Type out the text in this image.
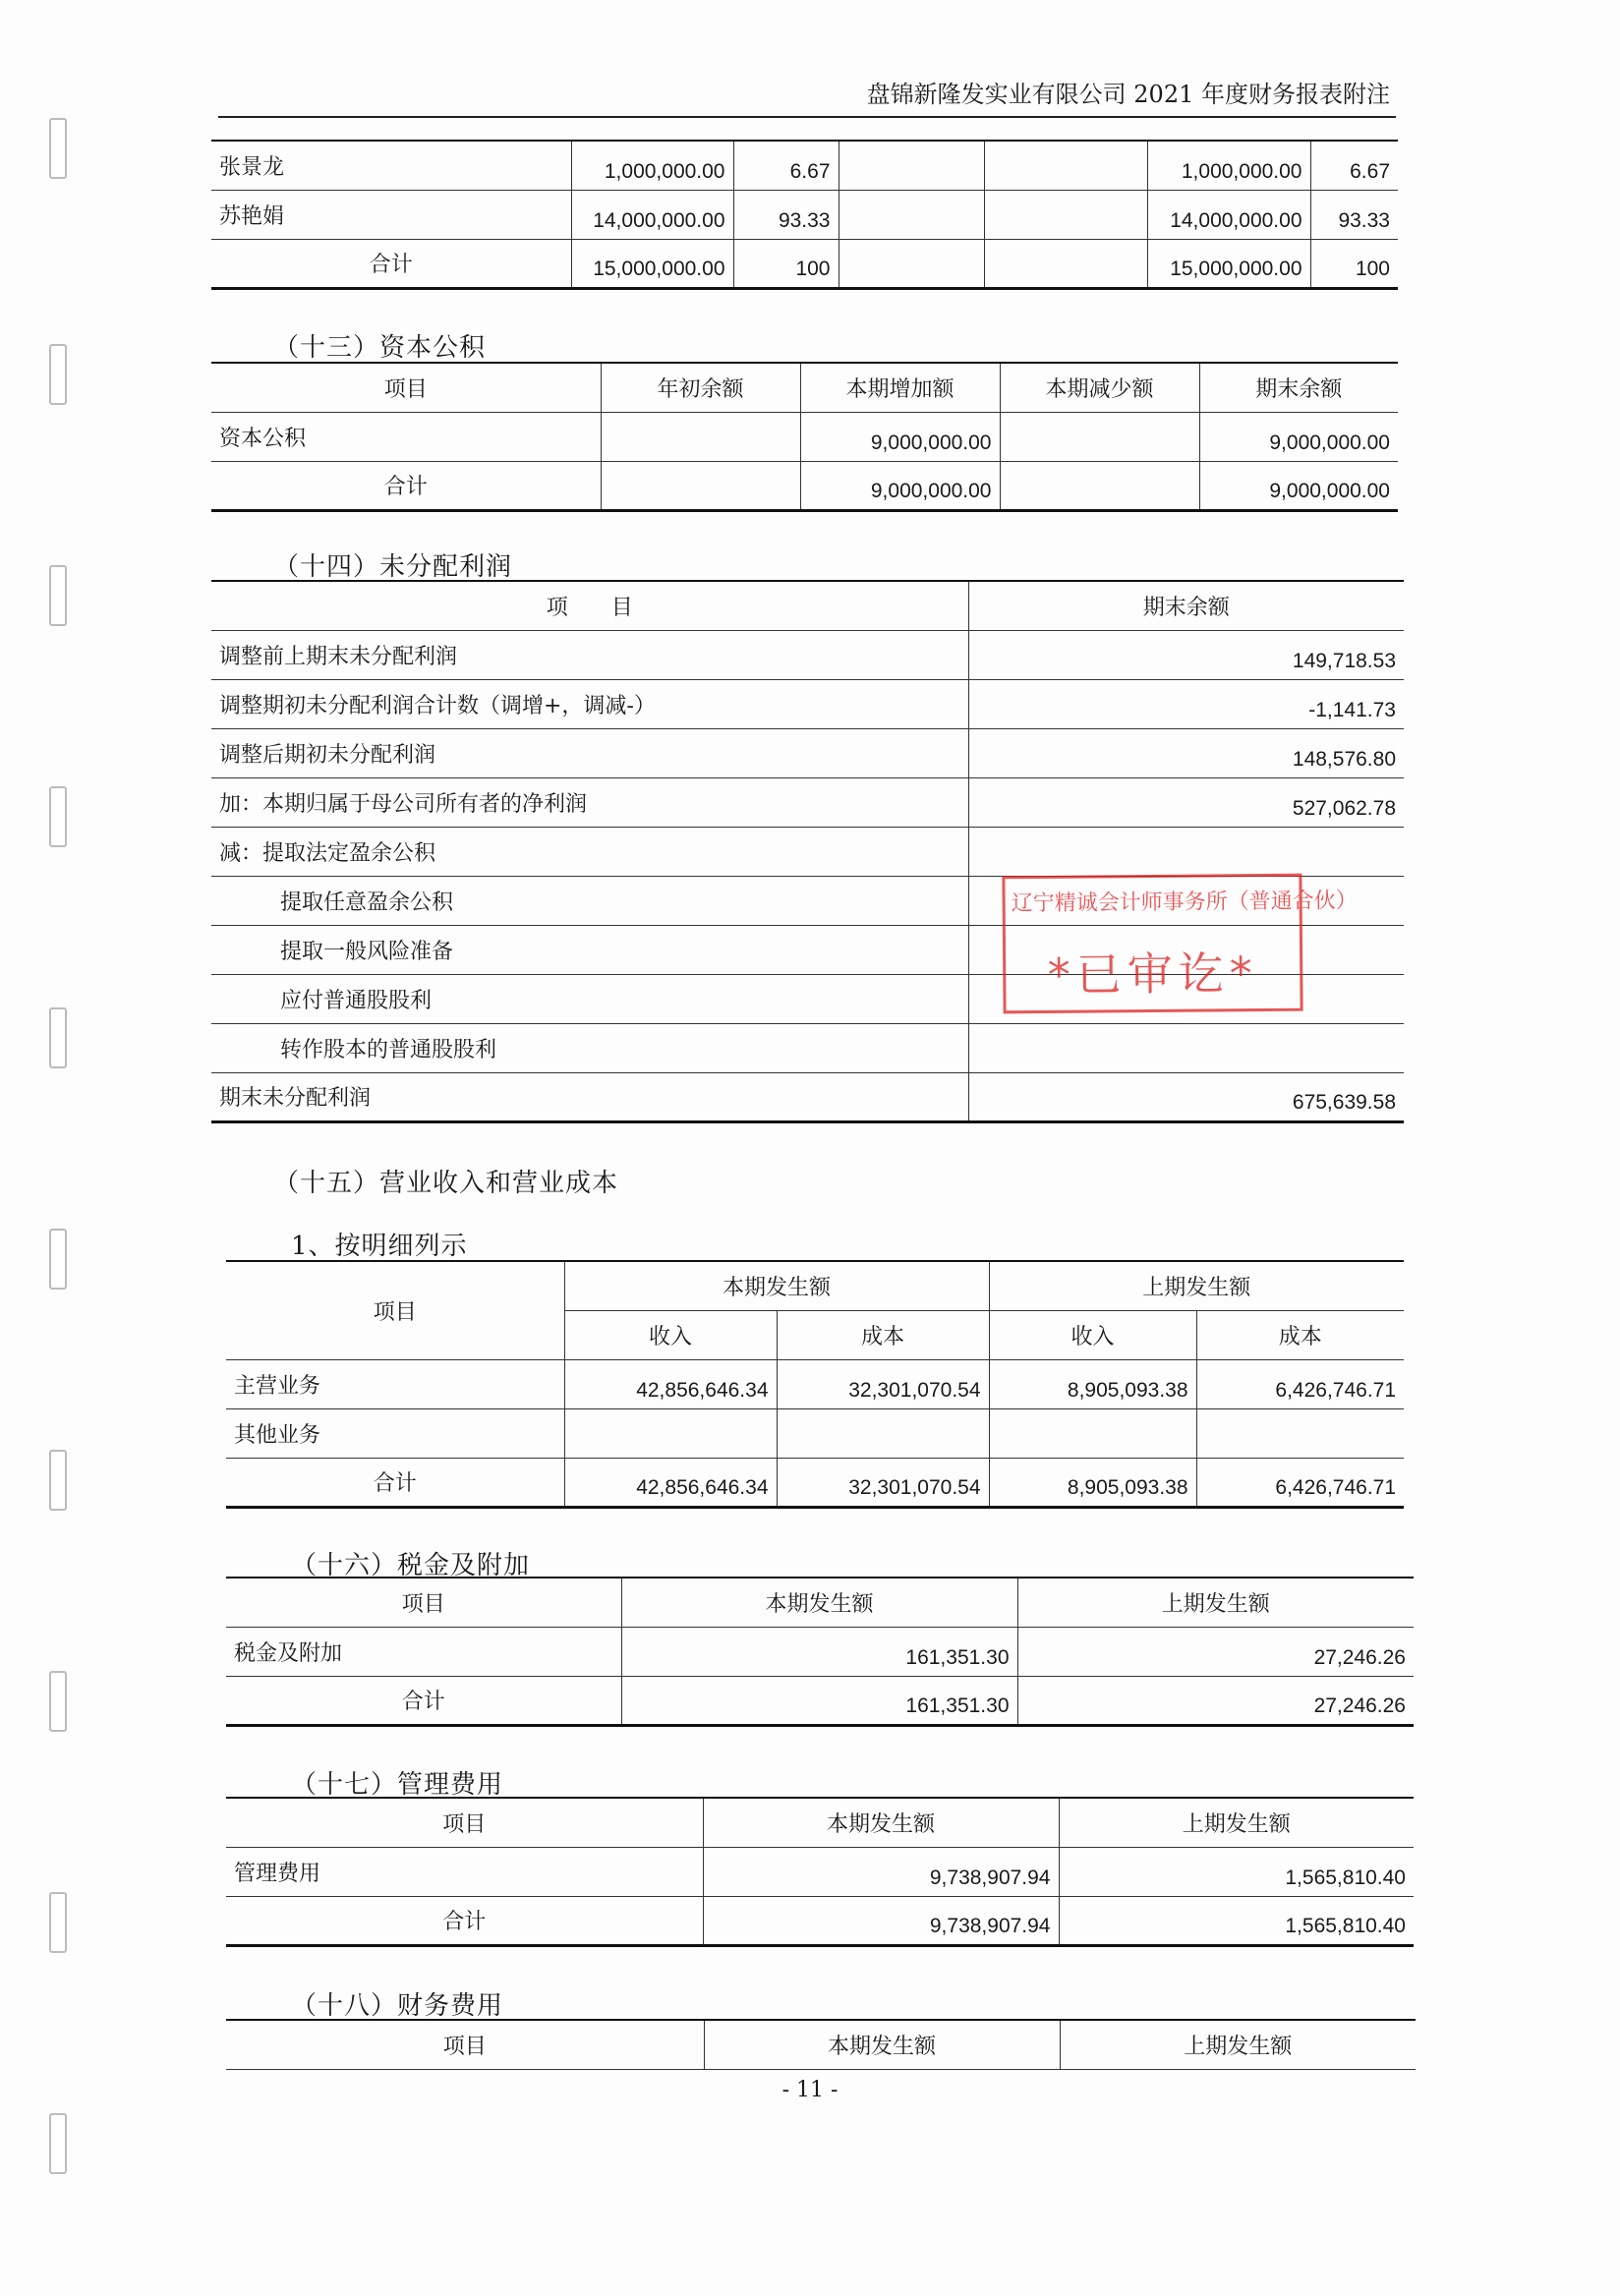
盘锦新隆发实业有限公司 2021 年度财务报表附注
张景龙	1,000,000.00	6.67			1,000,000.00	6.67
苏艳娟	14,000,000.00	93.33			14,000,000.00	93.33
合计	15,000,000.00	100			15,000,000.00	100
（十三）资本公积
项目	年初余额	本期增加额	本期减少额	期末余额
资本公积		9,000,000.00		9,000,000.00
合计		9,000,000.00		9,000,000.00
（十四）未分配利润
项　　目	期末余额
调整前上期末未分配利润	149,718.53
调整期初未分配利润合计数（调增+，调减-）	-1,141.73
调整后期初未分配利润	148,576.80
加：本期归属于母公司所有者的净利润	527,062.78
减：提取法定盈余公积	
提取任意盈余公积	
提取一般风险准备	
应付普通股股利	
转作股本的普通股股利	
期末未分配利润	675,639.58
辽宁精诚会计师事务所（普通合伙）
*已审讫*
（十五）营业收入和营业成本
1、按明细列示
项目	本期发生额		上期发生额	
	收入	成本	收入	成本
主营业务	42,856,646.34	32,301,070.54	8,905,093.38	6,426,746.71
其他业务				
合计	42,856,646.34	32,301,070.54	8,905,093.38	6,426,746.71
（十六）税金及附加
项目	本期发生额	上期发生额
税金及附加	161,351.30	27,246.26
合计	161,351.30	27,246.26
（十七）管理费用
项目	本期发生额	上期发生额
管理费用	9,738,907.94	1,565,810.40
合计	9,738,907.94	1,565,810.40
（十八）财务费用
项目	本期发生额	上期发生额
- 11 -
